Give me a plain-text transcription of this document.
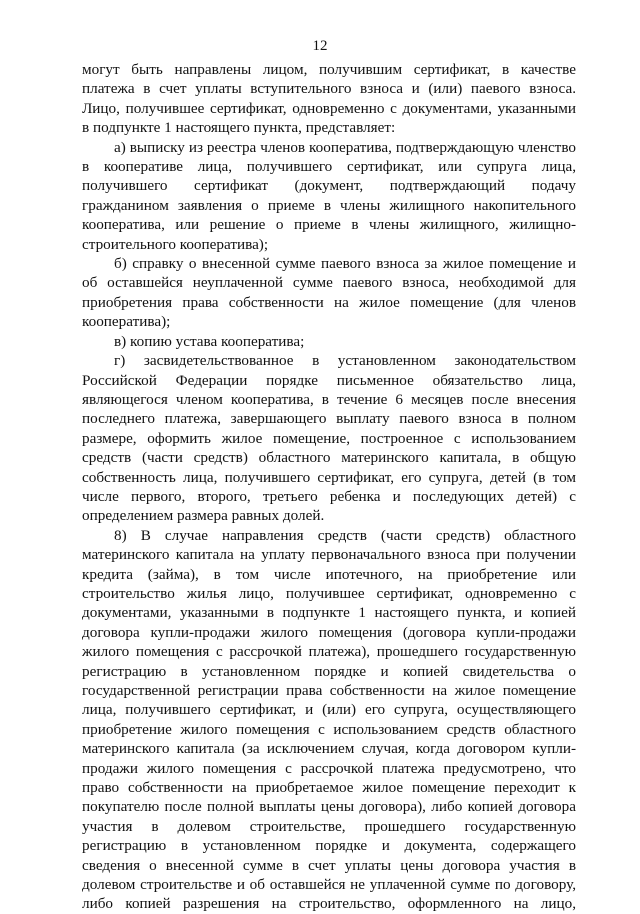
12
могут быть направлены лицом, получившим сертификат, в качестве
платежа в счет уплаты вступительного взноса и (или) паевого взноса.
Лицо, получившее сертификат, одновременно с документами, указанными
в подпункте 1 настоящего пункта, представляет:
а) выписку из реестра членов кооператива, подтверждающую членство
в кооперативе лица, получившего сертификат, или супруга лица,
получившего сертификат (документ, подтверждающий подачу
гражданином заявления о приеме в члены жилищного накопительного
кооператива, или решение о приеме в члены жилищного, жилищно-
строительного кооператива);
б) справку о внесенной сумме паевого взноса за жилое помещение и
об оставшейся неуплаченной сумме паевого взноса, необходимой для
приобретения права собственности на жилое помещение (для членов
кооператива);
в) копию устава кооператива;
г) засвидетельствованное в установленном законодательством
Российской Федерации порядке письменное обязательство лица,
являющегося членом кооператива, в течение 6 месяцев после внесения
последнего платежа, завершающего выплату паевого взноса в полном
размере, оформить жилое помещение, построенное с использованием
средств (части средств) областного материнского капитала, в общую
собственность лица, получившего сертификат, его супруга, детей (в том
числе первого, второго, третьего ребенка и последующих детей) с
определением размера равных долей.
8) В случае направления средств (части средств) областного
материнского капитала на уплату первоначального взноса при получении
кредита (займа), в том числе ипотечного, на приобретение или
строительство жилья лицо, получившее сертификат, одновременно с
документами, указанными в подпункте 1 настоящего пункта, и копией
договора купли-продажи жилого помещения (договора купли-продажи
жилого помещения с рассрочкой платежа), прошедшего государственную
регистрацию в установленном порядке и копией свидетельства о
государственной регистрации права собственности на жилое помещение
лица, получившего сертификат, и (или) его супруга, осуществляющего
приобретение жилого помещения с использованием средств областного
материнского капитала (за исключением случая, когда договором купли-
продажи жилого помещения с рассрочкой платежа предусмотрено, что
право собственности на приобретаемое жилое помещение переходит к
покупателю после полной выплаты цены договора), либо копией договора
участия в долевом строительстве, прошедшего государственную
регистрацию в установленном порядке и документа, содержащего
сведения о внесенной сумме в счет уплаты цены договора участия в
долевом строительстве и об оставшейся не уплаченной сумме по договору,
либо копией разрешения на строительство, оформленного на лицо,
